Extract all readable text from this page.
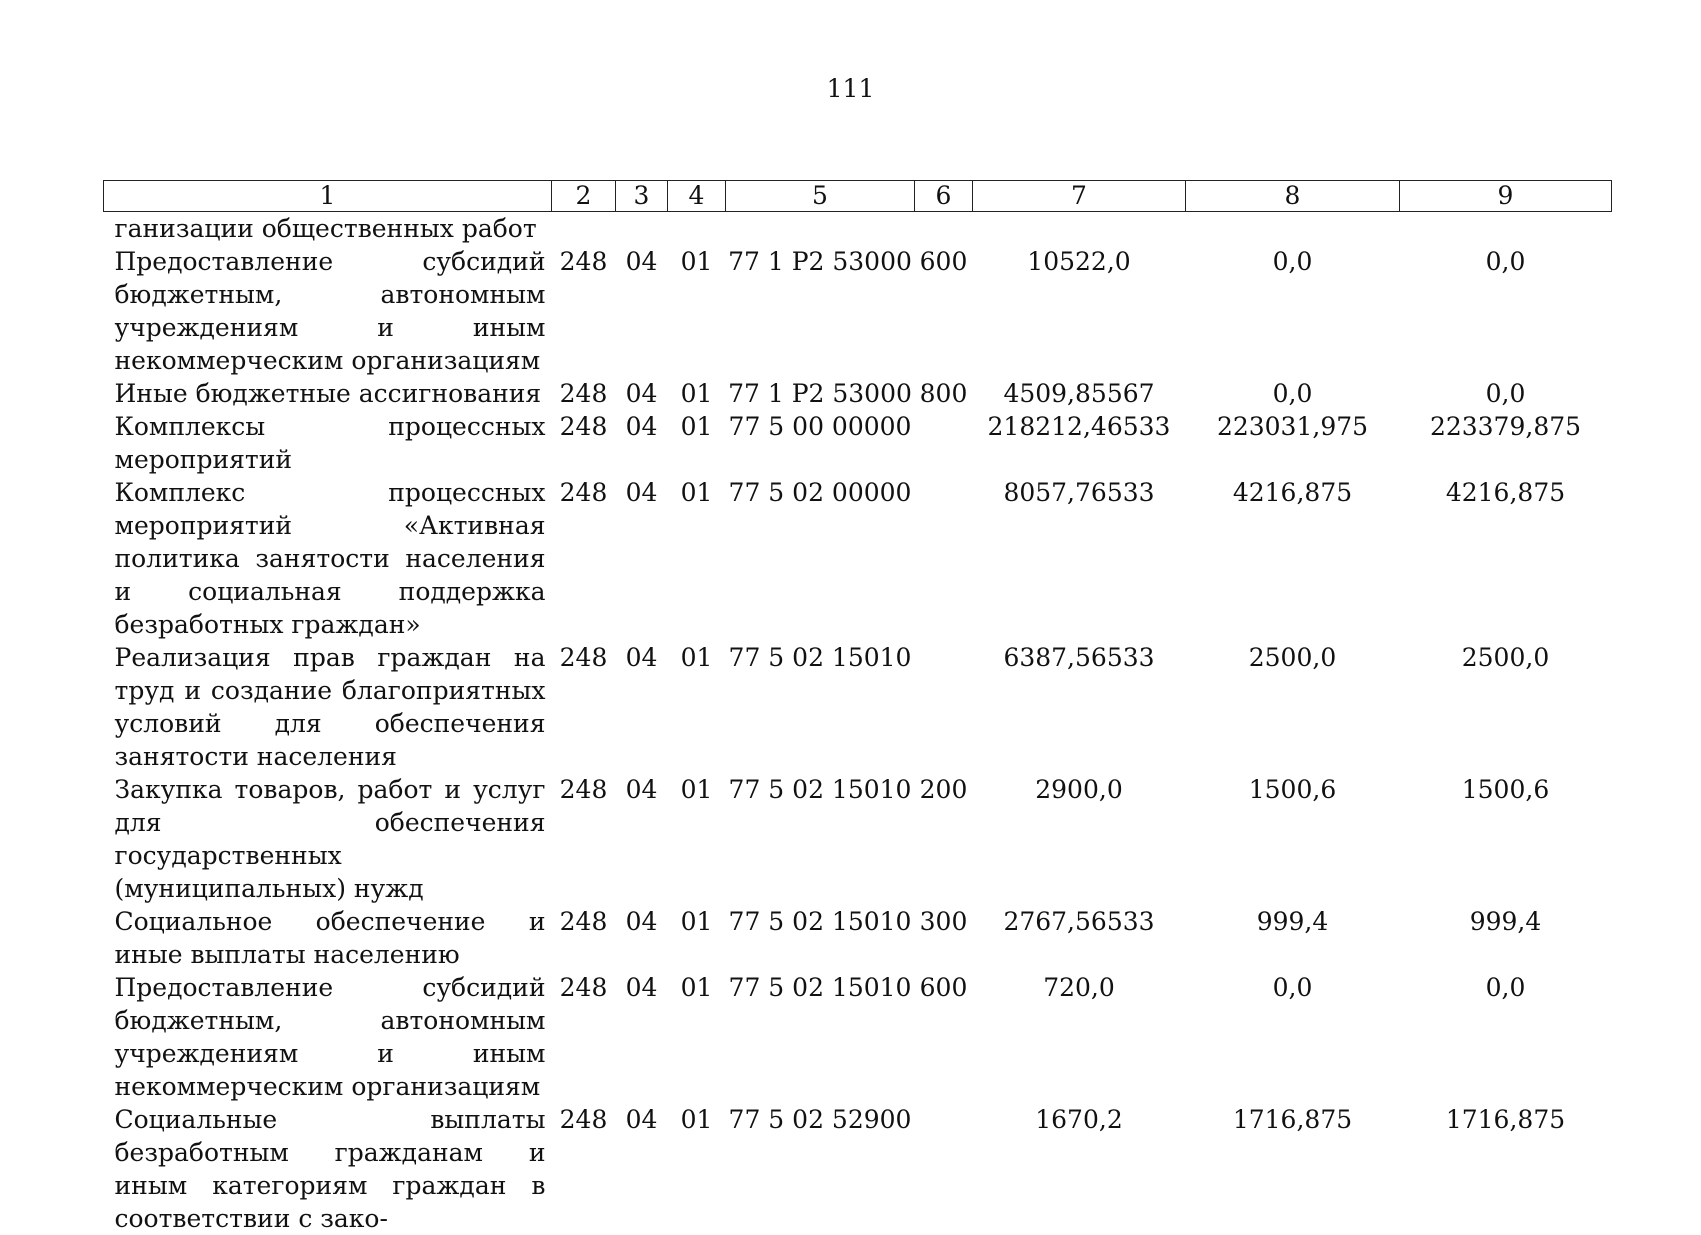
111
1	2	3	4	5	6	7	8	9
ганизации общественных работ								
Предоставление субсидий бюджетным, автономным учреждениям и иным некоммерческим организациям	248	04	01	77 1 Р2 53000	600	10522,0	0,0	0,0
Иные бюджетные ассигнования	248	04	01	77 1 Р2 53000	800	4509,85567	0,0	0,0
Комплексы процессных мероприятий	248	04	01	77 5 00 00000		218212,46533	223031,975	223379,875
Комплекс процессных мероприятий «Активная политика занятости населения и социальная поддержка безработных граждан»	248	04	01	77 5 02 00000		8057,76533	4216,875	4216,875
Реализация прав граждан на труд и создание благоприятных условий для обеспечения занятости населения	248	04	01	77 5 02 15010		6387,56533	2500,0	2500,0
Закупка товаров, работ и услуг для обеспечения государственных (муниципальных) нужд	248	04	01	77 5 02 15010	200	2900,0	1500,6	1500,6
Социальное обеспечение и иные выплаты населению	248	04	01	77 5 02 15010	300	2767,56533	999,4	999,4
Предоставление субсидий бюджетным, автономным учреждениям и иным некоммерческим организациям	248	04	01	77 5 02 15010	600	720,0	0,0	0,0
Социальные выплаты безработным гражданам и иным категориям граждан в соответствии с зако-	248	04	01	77 5 02 52900		1670,2	1716,875	1716,875
